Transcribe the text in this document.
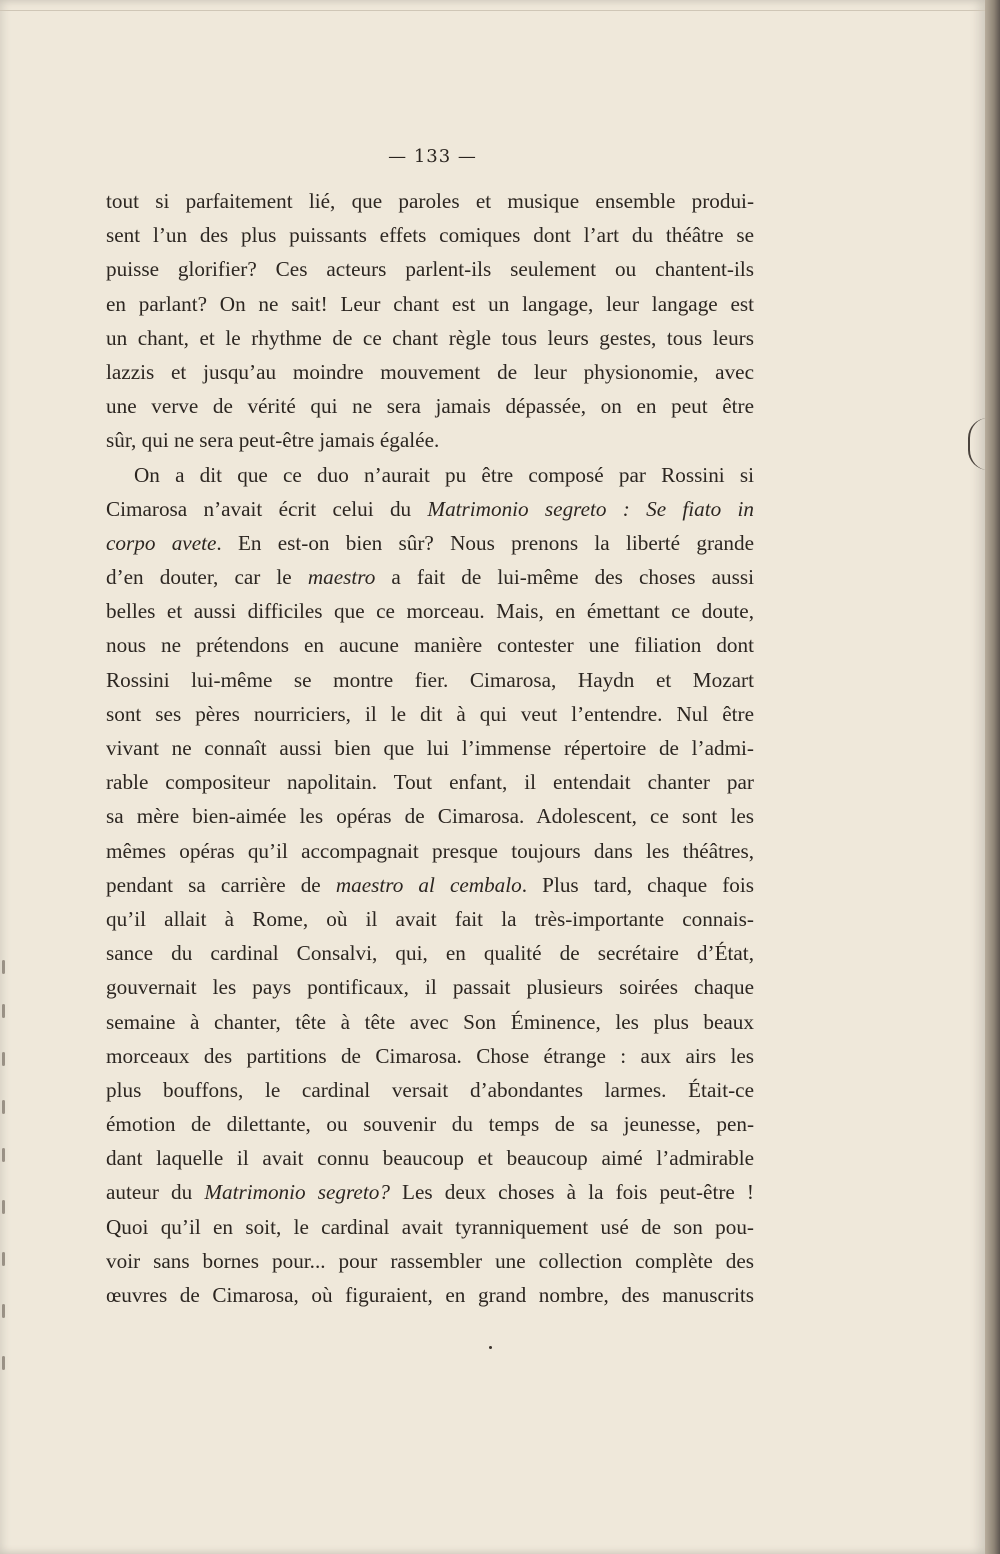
— 133 —
tout si parfaitement lié, que paroles et musique ensemble produi-
sent l’un des plus puissants effets comiques dont l’art du théâtre se
puisse glorifier? Ces acteurs parlent-ils seulement ou chantent-ils
en parlant? On ne sait! Leur chant est un langage, leur langage est
un chant, et le rhythme de ce chant règle tous leurs gestes, tous leurs
lazzis et jusqu’au moindre mouvement de leur physionomie, avec
une verve de vérité qui ne sera jamais dépassée, on en peut être
sûr, qui ne sera peut-être jamais égalée.
On a dit que ce duo n’aurait pu être composé par Rossini si
Cimarosa n’avait écrit celui du Matrimonio segreto : Se fiato in
corpo avete. En est-on bien sûr? Nous prenons la liberté grande
d’en douter, car le maestro a fait de lui-même des choses aussi
belles et aussi difficiles que ce morceau. Mais, en émettant ce doute,
nous ne prétendons en aucune manière contester une filiation dont
Rossini lui-même se montre fier. Cimarosa, Haydn et Mozart
sont ses pères nourriciers, il le dit à qui veut l’entendre. Nul être
vivant ne connaît aussi bien que lui l’immense répertoire de l’admi-
rable compositeur napolitain. Tout enfant, il entendait chanter par
sa mère bien-aimée les opéras de Cimarosa. Adolescent, ce sont les
mêmes opéras qu’il accompagnait presque toujours dans les théâtres,
pendant sa carrière de maestro al cembalo. Plus tard, chaque fois
qu’il allait à Rome, où il avait fait la très-importante connais-
sance du cardinal Consalvi, qui, en qualité de secrétaire d’État,
gouvernait les pays pontificaux, il passait plusieurs soirées chaque
semaine à chanter, tête à tête avec Son Éminence, les plus beaux
morceaux des partitions de Cimarosa. Chose étrange : aux airs les
plus bouffons, le cardinal versait d’abondantes larmes. Était-ce
émotion de dilettante, ou souvenir du temps de sa jeunesse, pen-
dant laquelle il avait connu beaucoup et beaucoup aimé l’admirable
auteur du Matrimonio segreto? Les deux choses à la fois peut-être !
Quoi qu’il en soit, le cardinal avait tyranniquement usé de son pou-
voir sans bornes pour... pour rassembler une collection complète des
œuvres de Cimarosa, où figuraient, en grand nombre, des manuscrits
